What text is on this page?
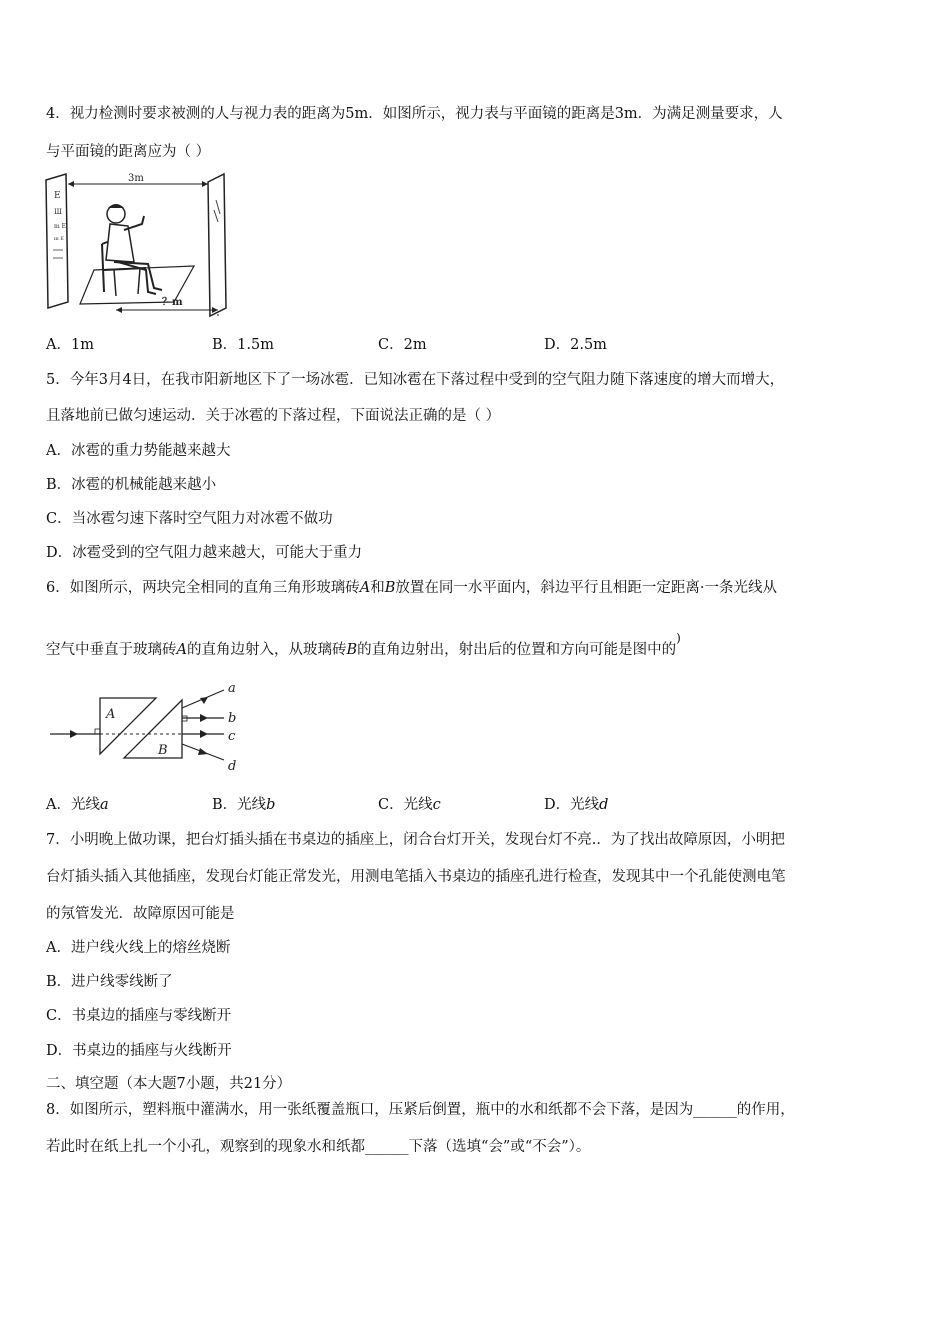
4．视力检测时要求被测的人与视力表的距离为5m．如图所示，视力表与平面镜的距离是3m．为满足测量要求，人
与平面镜的距离应为（ ）
E
Ш
m E
ш E
3m
？m
A．1m	B．1.5m	C．2m	D．2.5m
5．今年3月4日，在我市阳新地区下了一场冰雹．已知冰雹在下落过程中受到的空气阻力随下落速度的增大而增大，
且落地前已做匀速运动．关于冰雹的下落过程，下面说法正确的是（ ）
A．冰雹的重力势能越来越大
B．冰雹的机械能越来越小
C．当冰雹匀速下落时空气阻力对冰雹不做功
D．冰雹受到的空气阻力越来越大，可能大于重力
6．如图所示，两块完全相同的直角三角形玻璃砖A和B放置在同一水平面内，斜边平行且相距一定距离·一条光线从
空气中垂直于玻璃砖A的直角边射入，从玻璃砖B的直角边射出，射出后的位置和方向可能是图中的)
A
B
a
b
c
d
A．光线a	B．光线b	C．光线c	D．光线d
7．小明晚上做功课，把台灯插头插在书桌边的插座上，闭合台灯开关，发现台灯不亮.．为了找出故障原因，小明把
台灯插头插入其他插座，发现台灯能正常发光，用测电笔插入书桌边的插座孔进行检查，发现其中一个孔能使测电笔
的氖管发光．故障原因可能是
A．进户线火线上的熔丝烧断
B．进户线零线断了
C．书桌边的插座与零线断开
D．书桌边的插座与火线断开
二、填空题（本大题7小题，共21分）
8．如图所示，塑料瓶中灌满水，用一张纸覆盖瓶口，压紧后倒置，瓶中的水和纸都不会下落，是因为______的作用，
若此时在纸上扎一个小孔，观察到的现象水和纸都______下落（选填“会”或“不会”）。
